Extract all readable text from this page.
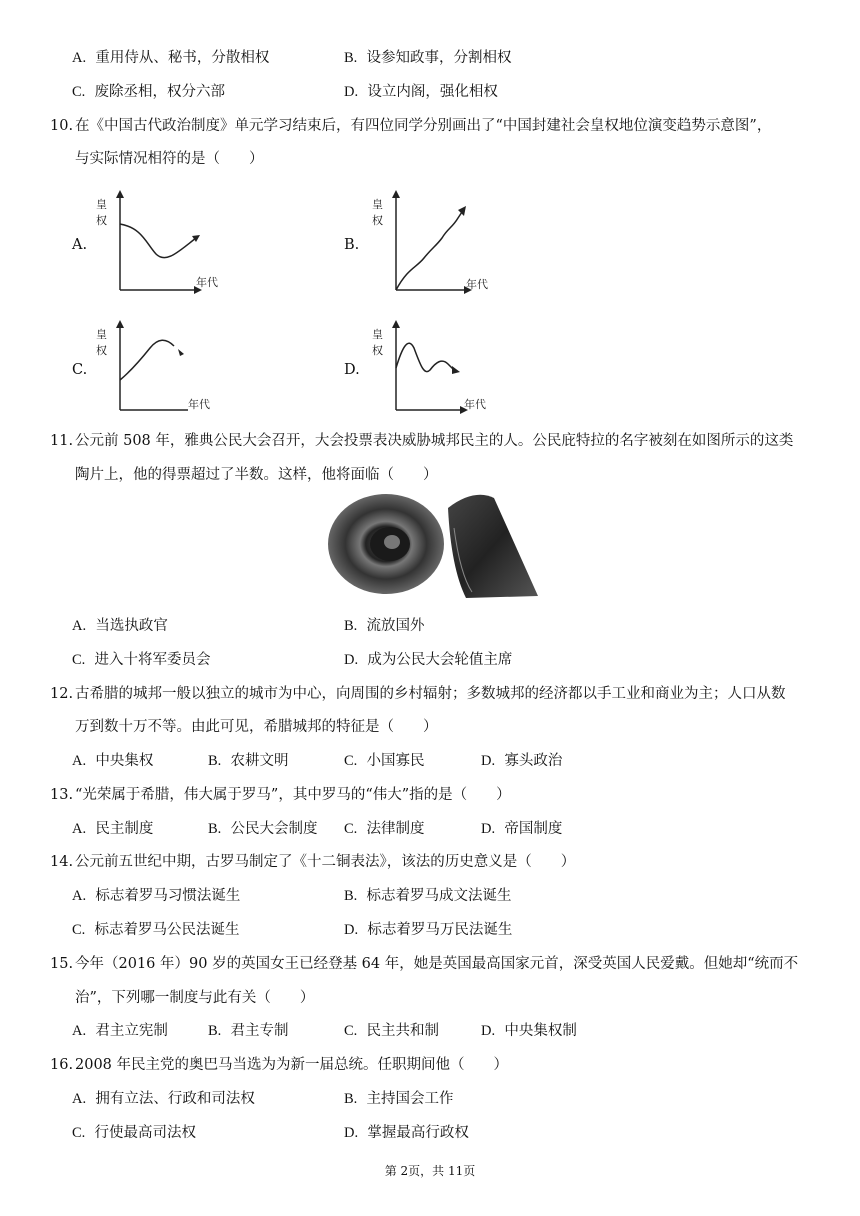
A. 重用侍从、秘书，分散相权	B. 设参知政事，分割相权
C. 废除丞相，权分六部	D. 设立内阁，强化相权
10. 在《中国古代政治制度》单元学习结束后，有四位同学分别画出了“中国封建社会皇权地位演变趋势示意图”，
与实际情况相符的是（　　）
A.
皇
权
年代
B.
皇
权
年代
C.
皇
权
年代
D.
皇
权
年代
11. 公元前 508 年，雅典公民大会召开，大会投票表决威胁城邦民主的人。公民庇特拉的名字被刻在如图所示的这类
陶片上，他的得票超过了半数。这样，他将面临（　　）
A. 当选执政官	B. 流放国外
C. 进入十将军委员会	D. 成为公民大会轮值主席
12. 古希腊的城邦一般以独立的城市为中心，向周围的乡村辐射；多数城邦的经济都以手工业和商业为主；人口从数
万到数十万不等。由此可见，希腊城邦的特征是（　　）
A. 中央集权	B. 农耕文明	C. 小国寡民	D. 寡头政治
13. “光荣属于希腊，伟大属于罗马”，其中罗马的“伟大”指的是（　　）
A. 民主制度	B. 公民大会制度 C. 法律制度	D. 帝国制度
14. 公元前五世纪中期，古罗马制定了《十二铜表法》，该法的历史意义是（　　）
A. 标志着罗马习惯法诞生	B. 标志着罗马成文法诞生
C. 标志着罗马公民法诞生	D. 标志着罗马万民法诞生
15. 今年（2016 年）90 岁的英国女王已经登基 64 年，她是英国最高国家元首，深受英国人民爱戴。但她却“统而不
治”，下列哪一制度与此有关（　　）
A. 君主立宪制	B. 君主专制	C. 民主共和制	D. 中央集权制
16. 2008 年民主党的奥巴马当选为为新一届总统。任职期间他（　　）
A. 拥有立法、行政和司法权	B. 主持国会工作
C. 行使最高司法权	D. 掌握最高行政权
第 2页，共 11页
